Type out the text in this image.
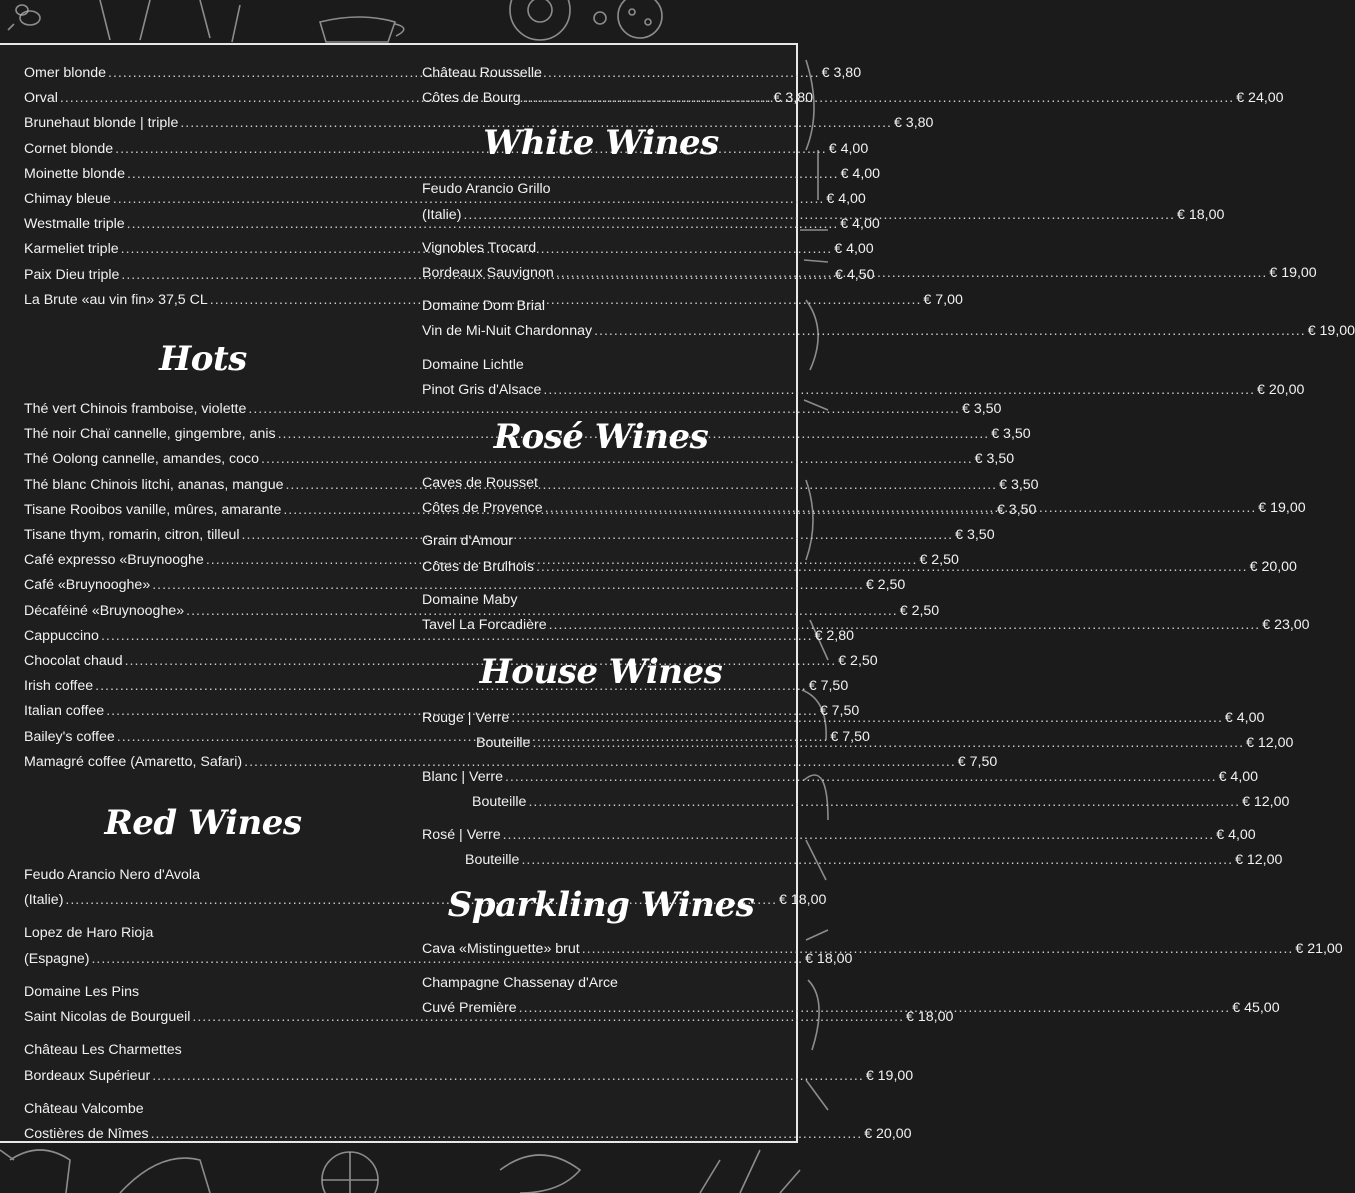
Omer blonde .....	€ 3,80
Orval .....	€ 3,80
Brunehaut blonde | triple .....	€ 3,80
Cornet blonde .....	€ 4,00
Moinette blonde .....	€ 4,00
Chimay bleue .....	€ 4,00
Westmalle triple .....	€ 4,00
Karmeliet triple .....	€ 4,00
Paix Dieu triple .....	€ 4,50
La Brute «au vin fin» 37,5 CL .....	€ 7,00
Hots
Thé vert Chinois framboise, violette .....	€ 3,50
Thé noir Chaï cannelle, gingembre, anis .....	€ 3,50
Thé Oolong cannelle, amandes, coco .....	€ 3,50
Thé blanc Chinois litchi, ananas, mangue .....	€ 3,50
Tisane Rooibos vanille, mûres, amarante .....	€ 3,50
Tisane thym, romarin, citron, tilleul .....	€ 3,50
Café expresso «Bruynooghe .....	€ 2,50
Café «Bruynooghe» .....	€ 2,50
Décaféiné «Bruynooghe» .....	€ 2,50
Cappuccino .....	€ 2,80
Chocolat chaud .....	€ 2,50
Irish coffee .....	€ 7,50
Italian coffee .....	€ 7,50
Bailey's coffee .....	€ 7,50
Mamagré coffee (Amaretto, Safari) .....	€ 7,50
Red Wines
Feudo Arancio Nero d'Avola
(Italie) .....	€ 18,00
Lopez de Haro Rioja
(Espagne) .....	€ 18,00
Domaine Les Pins
Saint Nicolas de Bourgueil .....	€ 18,00
Château Les Charmettes
Bordeaux Supérieur .....	€ 19,00
Château Valcombe
Costières de Nîmes .....	€ 20,00
Château Rousselle
Côtes de Bourg .....	€ 24,00
White Wines
Feudo Arancio Grillo
(Italie) .....	€ 18,00
Vignobles Trocard
Bordeaux Sauvignon .....	€ 19,00
Domaine Dom Brial
Vin de Mi-Nuit Chardonnay .....	€ 19,00
Domaine Lichtle
Pinot Gris d'Alsace .....	€ 20,00
Rosé Wines
Caves de Rousset
Côtes de Provence .....	€ 19,00
Grain d'Amour
Côtes de Brulhois .....	€ 20,00
Domaine Maby
Tavel La Forcadière .....	€ 23,00
House Wines
Rouge | Verre .....	€ 4,00
Bouteille .....	€ 12,00
Blanc | Verre .....	€ 4,00
Bouteille .....	€ 12,00
Rosé | Verre .....	€ 4,00
Bouteille .....	€ 12,00
Sparkling Wines
Cava «Mistinguette» brut .....	€ 21,00
Champagne Chassenay d'Arce
Cuvé Première .....	€ 45,00
